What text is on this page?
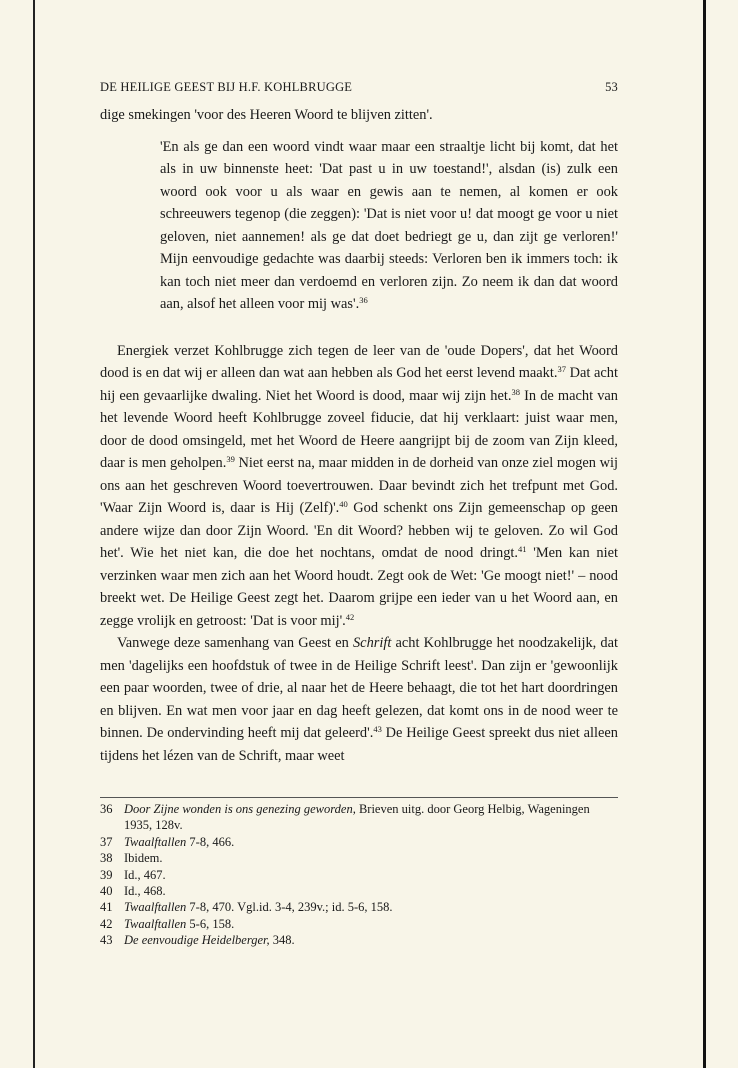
DE HEILIGE GEEST BIJ H.F. KOHLBRUGGE	53

dige smekingen 'voor des Heeren Woord te blijven zitten'.

'En als ge dan een woord vindt waar maar een straaltje licht bij komt, dat het als in uw binnenste heet: 'Dat past u in uw toestand!', alsdan (is) zulk een woord ook voor u als waar en gewis aan te nemen, al komen er ook schreeuwers tegenop (die zeggen): 'Dat is niet voor u! dat moogt ge voor u niet geloven, niet aannemen! als ge dat doet bedriegt ge u, dan zijt ge verloren!' Mijn eenvoudige gedachte was daarbij steeds: Verloren ben ik immers toch: ik kan toch niet meer dan verdoemd en verloren zijn. Zo neem ik dan dat woord aan, alsof het alleen voor mij was'.$^{36}$

Energiek verzet Kohlbrugge zich tegen de leer van de 'oude Dopers', dat het Woord dood is en dat wij er alleen dan wat aan hebben als God het eerst levend maakt.$^{37}$ Dat acht hij een gevaarlijke dwaling. Niet het Woord is dood, maar wij zijn het.$^{38}$ In de macht van het levende Woord heeft Kohlbrugge zoveel fiducie, dat hij verklaart: juist waar men, door de dood omsingeld, met het Woord de Heere aangrijpt bij de zoom van Zijn kleed, daar is men geholpen.$^{39}$ Niet eerst na, maar midden in de dorheid van onze ziel mogen wij ons aan het geschreven Woord toevertrouwen. Daar bevindt zich het trefpunt met God. 'Waar Zijn Woord is, daar is Hij (Zelf)'.$^{40}$ God schenkt ons Zijn gemeenschap op geen andere wijze dan door Zijn Woord. 'En dit Woord? hebben wij te geloven. Zo wil God het'. Wie het niet kan, die doe het nochtans, omdat de nood dringt.$^{41}$ 'Men kan niet verzinken waar men zich aan het Woord houdt. Zegt ook de Wet: 'Ge moogt niet!' – nood breekt wet. De Heilige Geest zegt het. Daarom grijpe een ieder van u het Woord aan, en zegge vrolijk en getroost: 'Dat is voor mij'.$^{42}$

Vanwege deze samenhang van Geest en Schrift acht Kohlbrugge het noodzakelijk, dat men 'dagelijks een hoofdstuk of twee in de Heilige Schrift leest'. Dan zijn er 'gewoonlijk een paar woorden, twee of drie, al naar het de Heere behaagt, die tot het hart doordringen en blijven. En wat men voor jaar en dag heeft gelezen, dat komt ons in de nood weer te binnen. De ondervinding heeft mij dat geleerd'.$^{43}$ De Heilige Geest spreekt dus niet alleen tijdens het lézen van de Schrift, maar weet

36 Door Zijne wonden is ons genezing geworden, Brieven uitg. door Georg Helbig, Wageningen 1935, 128v.
37 Twaalftallen 7-8, 466.
38 Ibidem.
39 Id., 467.
40 Id., 468.
41 Twaalftallen 7-8, 470. Vgl.id. 3-4, 239v.; id. 5-6, 158.
42 Twaalftallen 5-6, 158.
43 De eenvoudige Heidelberger, 348.
